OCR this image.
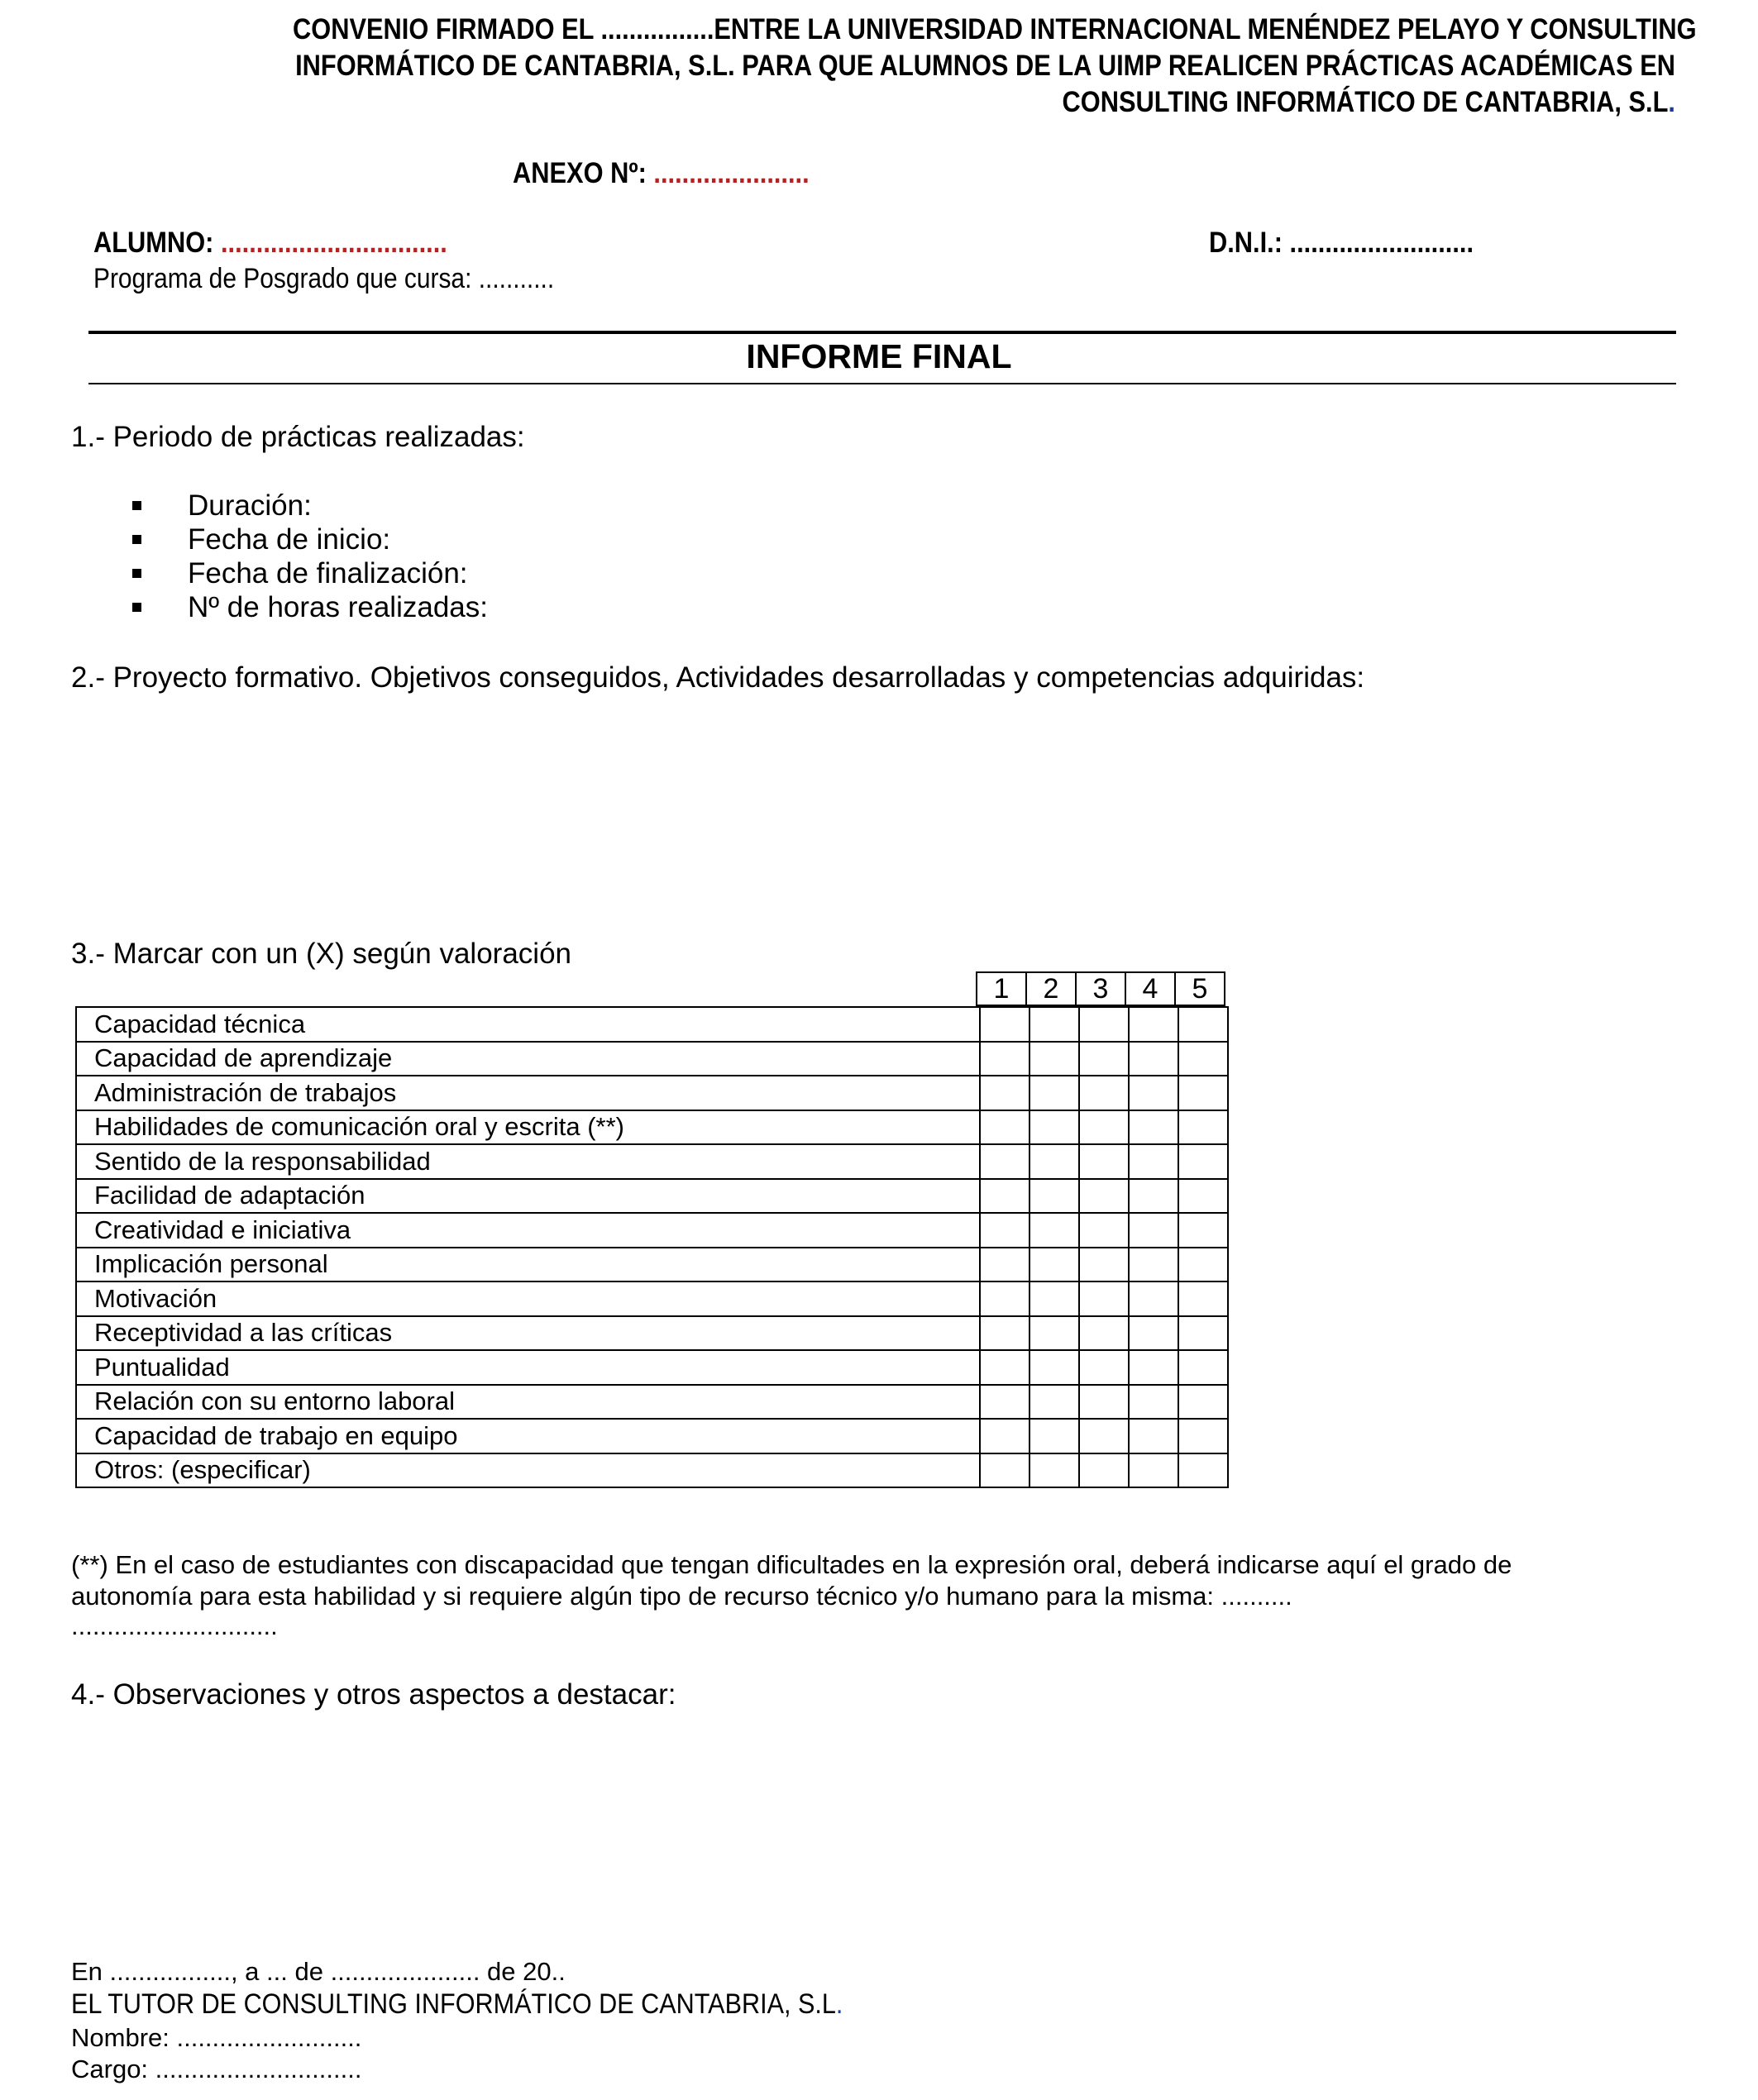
CONVENIO FIRMADO EL ................ENTRE LA UNIVERSIDAD INTERNACIONAL MENÉNDEZ PELAYO Y CONSULTING
INFORMÁTICO DE CANTABRIA, S.L. PARA QUE ALUMNOS DE LA UIMP REALICEN PRÁCTICAS ACADÉMICAS EN
CONSULTING INFORMÁTICO DE CANTABRIA, S.L.
ANEXO Nº: ......................
ALUMNO: ................................	D.N.I.: ..........................
Programa de Posgrado que cursa: ...........
INFORME FINAL
1.- Periodo de prácticas realizadas:
Duración:
Fecha de inicio:
Fecha de finalización:
Nº de horas realizadas:
2.- Proyecto formativo. Objetivos conseguidos, Actividades desarrolladas y competencias adquiridas:
3.- Marcar con un (X) según valoración
1	2	3	4	5
Capacidad técnica					
Capacidad de aprendizaje					
Administración de trabajos					
Habilidades de comunicación oral y escrita (**)					
Sentido de la responsabilidad					
Facilidad de adaptación					
Creatividad e iniciativa					
Implicación personal					
Motivación					
Receptividad a las críticas					
Puntualidad					
Relación con su entorno laboral					
Capacidad de trabajo en equipo					
Otros: (especificar)					
(**) En el caso de estudiantes con discapacidad que tengan dificultades en la expresión oral, deberá indicarse aquí el grado de
autonomía para esta habilidad y si requiere algún tipo de recurso técnico y/o humano para la misma: ..........
.............................
4.- Observaciones y otros aspectos a destacar:
En ................., a ... de ..................... de 20..
EL TUTOR DE CONSULTING INFORMÁTICO DE CANTABRIA, S.L.
Nombre: ..........................
Cargo: .............................
